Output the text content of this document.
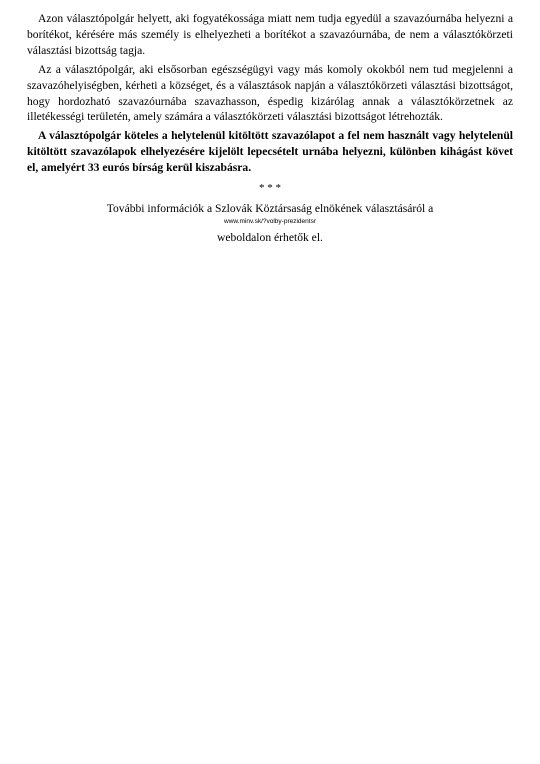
Azon választópolgár helyett, aki fogyatékossága miatt nem tudja egyedül a szavazóurnába helyezni a borítékot, kérésére más személy is elhelyezheti a borítékot a szavazóurnába, de nem a választókörzeti választási bizottság tagja.

Az a választópolgár, aki elsősorban egészségügyi vagy más komoly okokból nem tud megjelenni a szavazóhelyiségben, kérheti a községet, és a választások napján a választókörzeti választási bizottságot, hogy hordozható szavazóurnába szavazhasson, éspedig kizárólag annak a választókörzetnek az illetékességi területén, amely számára a választókörzeti választási bizottságot létrehozták.

A választópolgár köteles a helytelenül kitöltött szavazólapot a fel nem használt vagy helytelenül kitöltött szavazólapok elhelyezésére kijelölt lepecsételt urnába helyezni, különben kihágást követ el, amelyért 33 eurós bírság kerül kiszabásra.

* * *
További információk a Szlovák Köztársaság elnökének választásáról a
www.minv.sk/?volby-prezidentsr
weboldalon érhetők el.
